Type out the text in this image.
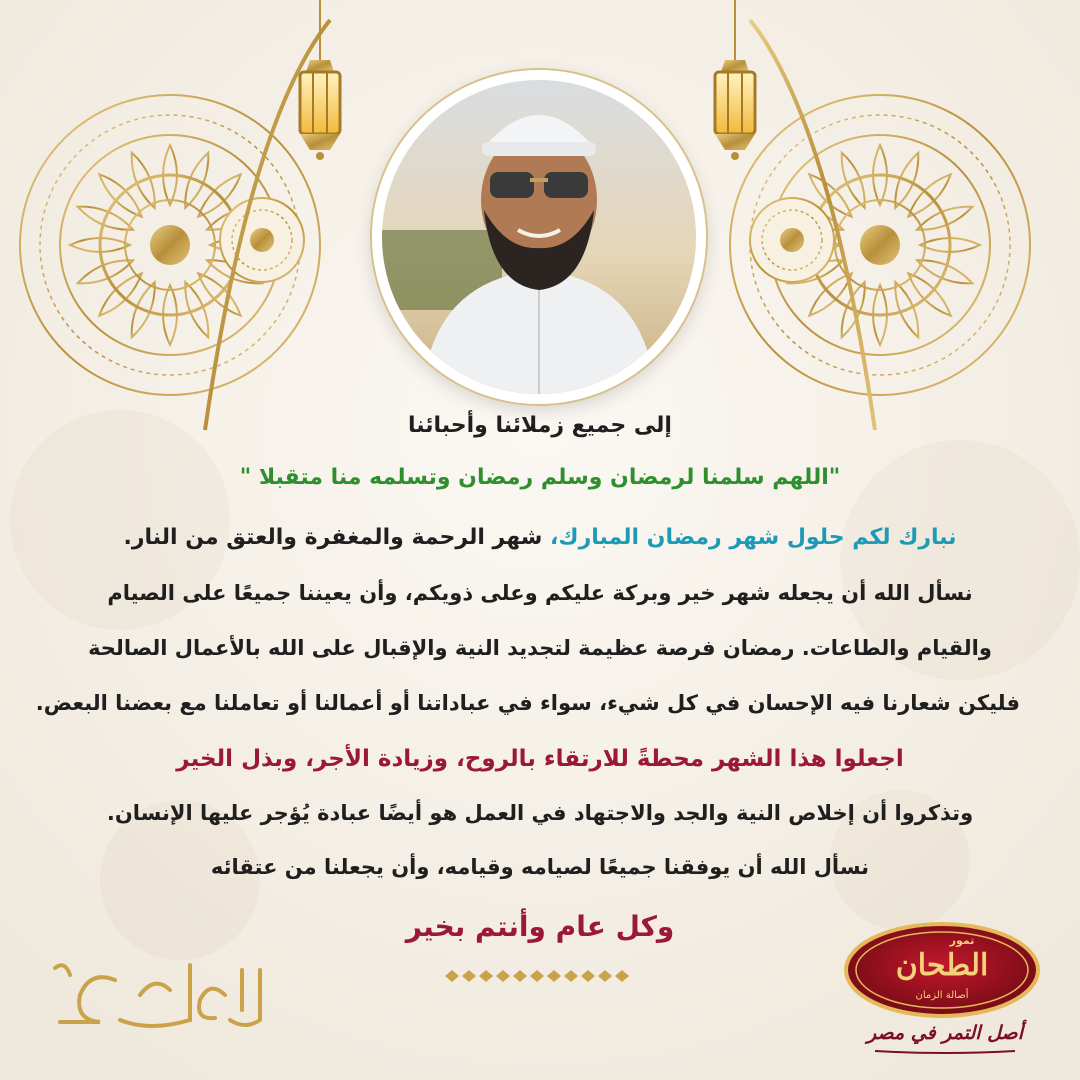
إلى جميع زملائنا وأحبائنا
"اللهم سلمنا لرمضان وسلم رمضان وتسلمه منا متقبلا "
نبارك لكم حلول شهر رمضان المبارك، شهر الرحمة والمغفرة والعتق من النار.
نسأل الله أن يجعله شهر خير وبركة عليكم وعلى ذويكم، وأن يعيننا جميعًا على الصيام
والقيام والطاعات. رمضان فرصة عظيمة لتجديد النية والإقبال على الله بالأعمال الصالحة
فليكن شعارنا فيه الإحسان في كل شيء، سواء في عباداتنا أو أعمالنا أو تعاملنا مع بعضنا البعض.
اجعلوا هذا الشهر محطةً للارتقاء بالروح، وزيادة الأجر، وبذل الخير
وتذكروا أن إخلاص النية والجد والاجتهاد في العمل هو أيضًا عبادة يُؤجر عليها الإنسان.
نسأل الله أن يوفقنا جميعًا لصيامه وقيامه، وأن يجعلنا من عتقائه
وكل عام وأنتم بخير	تمور
الطحان
أصالة الزمان
أصل التمر في مصر
